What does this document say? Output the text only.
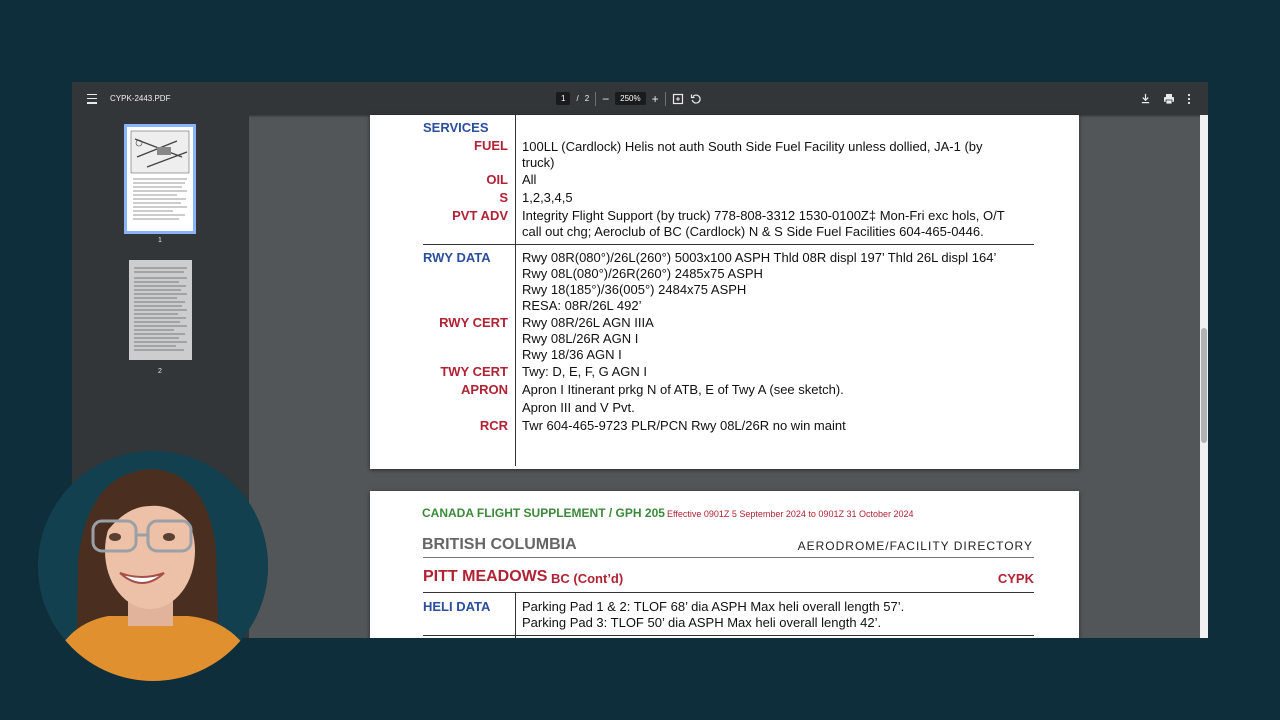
CYPK-2443.PDF	1	/ 2 −	250% +
1
2
SERVICES
FUEL 100LL (Cardlock) Helis not auth South Side Fuel Facility unless dollied, JA-1 (by
truck)
OIL All
S 1,2,3,4,5
PVT ADV Integrity Flight Support (by truck) 778-808-3312 1530-0100Z‡ Mon-Fri exc hols, O/T
call out chg; Aeroclub of BC (Cardlock) N & S Side Fuel Facilities 604-465-0446.
RWY DATA Rwy 08R(080°)/26L(260°) 5003x100 ASPH Thld 08R displ 197’ Thld 26L displ 164’
Rwy 08L(080°)/26R(260°) 2485x75 ASPH
Rwy 18(185°)/36(005°) 2484x75 ASPH
RESA: 08R/26L 492’
RWY CERT Rwy 08R/26L AGN IIIA
Rwy 08L/26R AGN I
Rwy 18/36 AGN I
TWY CERT Twy: D, E, F, G AGN I
APRON Apron I Itinerant prkg N of ATB, E of Twy A (see sketch).
Apron III and V Pvt.
RCR Twr 604-465-9723 PLR/PCN Rwy 08L/26R no win maint
CANADA FLIGHT SUPPLEMENT / GPH 205 Effective 0901Z 5 September 2024 to 0901Z 31 October 2024
BRITISH COLUMBIA	AERODROME/FACILITY DIRECTORY
PITT MEADOWS BC (Cont’d)	CYPK
HELI DATA Parking Pad 1 & 2: TLOF 68’ dia ASPH Max heli overall length 57’.
Parking Pad 3: TLOF 50’ dia ASPH Max heli overall length 42’.
